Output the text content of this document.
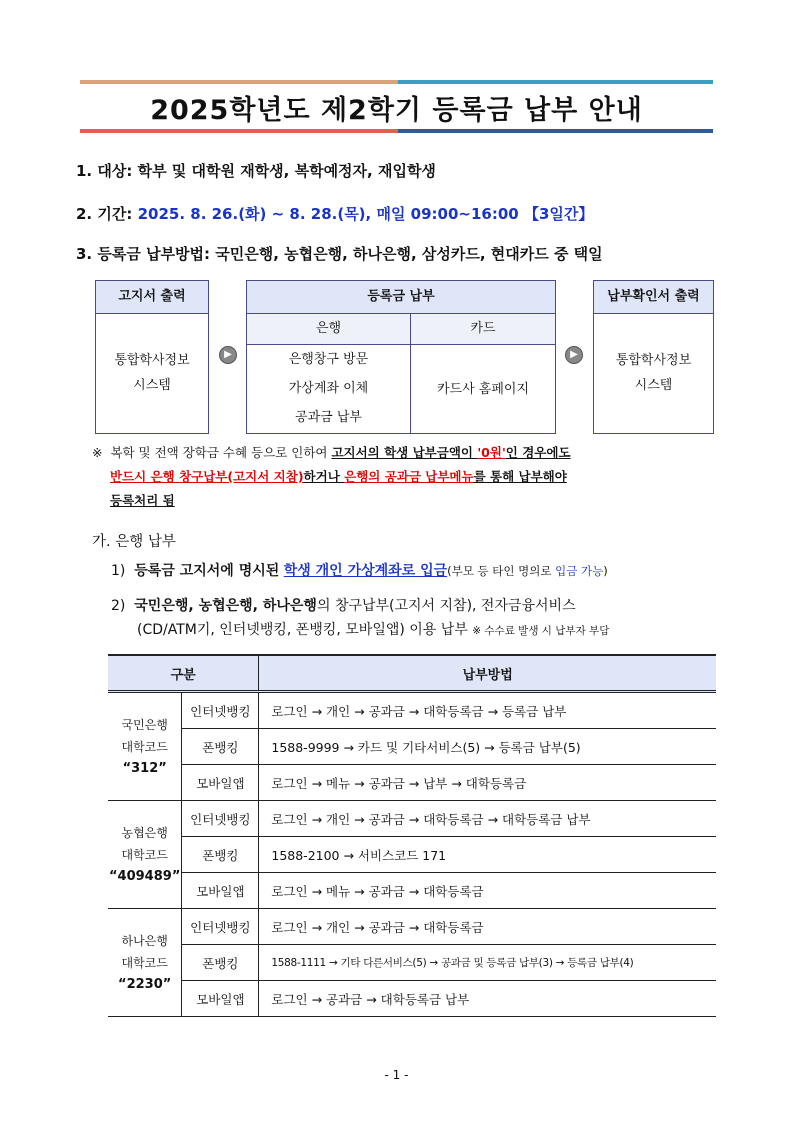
2025학년도 제2학기 등록금 납부 안내
1. 대상: 학부 및 대학원 재학생, 복학예정자, 재입학생
2. 기간: 2025. 8. 26.(화) ~ 8. 28.(목), 매일 09:00~16:00 【3일간】
3. 등록금 납부방법: 국민은행, 농협은행, 하나은행, 삼성카드, 현대카드 중 택일
고지서 출력
통합학사정보
시스템
▶
등록금 납부
은행	카드
은행창구 방문
가상계좌 이체
공과금 납부
카드사 홈페이지
▶
납부확인서 출력
통합학사정보
시스템
※ 복학 및 전액 장학금 수혜 등으로 인하여 고지서의 학생 납부금액이 '0원'인 경우에도
반드시 은행 창구납부(고지서 지참)하거나 은행의 공과금 납부메뉴를 통해 납부해야
등록처리 됨
가. 은행 납부
1) 등록금 고지서에 명시된 학생 개인 가상계좌로 입금(부모 등 타인 명의로 입금 가능)
2) 국민은행, 농협은행, 하나은행의 창구납부(고지서 지참), 전자금융서비스
(CD/ATM기, 인터넷뱅킹, 폰뱅킹, 모바일앱) 이용 납부 ※ 수수료 발생 시 납부자 부담
구분		납부방법

국민은행
대학코드
“312”	인터넷뱅킹	로그인 → 개인 → 공과금 → 대학등록금 → 등록금 납부
	폰뱅킹	1588-9999 → 카드 및 기타서비스(5) → 등록금 납부(5)
	모바일앱	로그인 → 메뉴 → 공과금 → 납부 → 대학등록금

농협은행
대학코드
“409489”	인터넷뱅킹	로그인 → 개인 → 공과금 → 대학등록금 → 대학등록금 납부
	폰뱅킹	1588-2100 → 서비스코드 171
	모바일앱	로그인 → 메뉴 → 공과금 → 대학등록금

하나은행
대학코드
“2230”	인터넷뱅킹	로그인 → 개인 → 공과금 → 대학등록금
	폰뱅킹	1588-1111 → 기타 다른서비스(5) → 공과금 및 등록금 납부(3) → 등록금 납부(4)
	모바일앱	로그인 → 공과금 → 대학등록금 납부
- 1 -
